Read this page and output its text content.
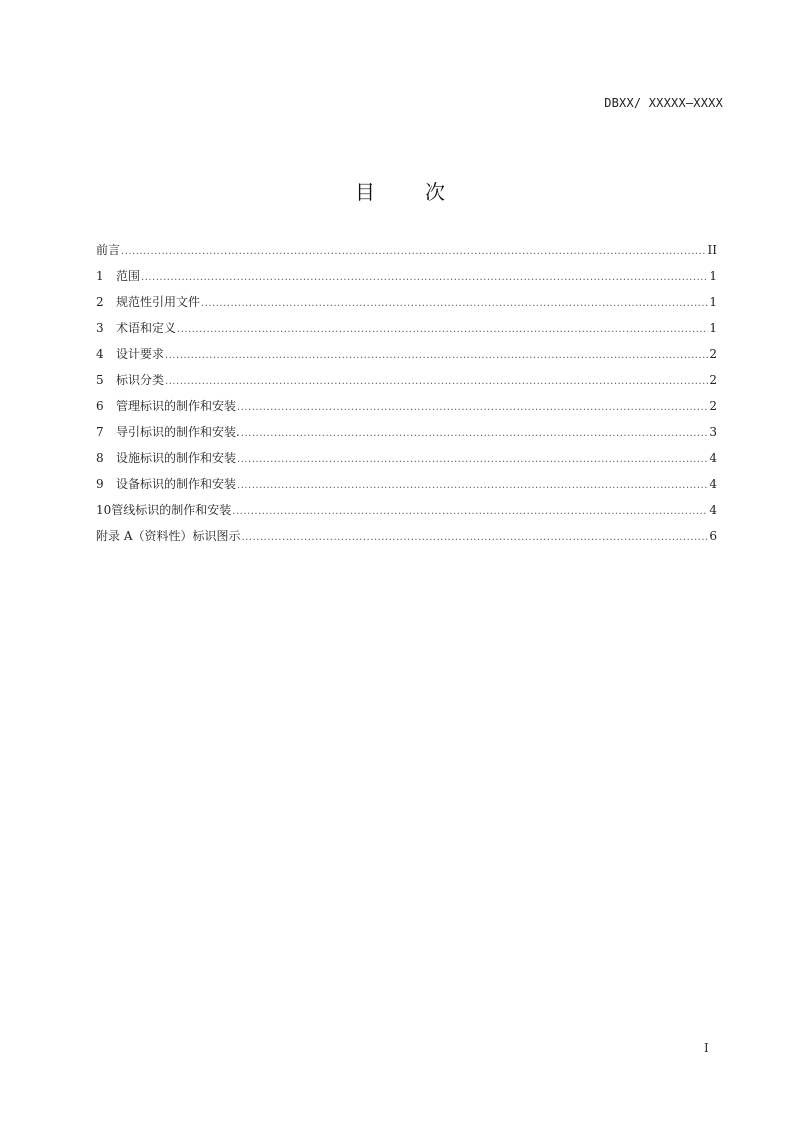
DBXX/ XXXXX—XXXX
目	次
前言 .....	II
1	范围 .....	1
2	规范性引用文件 .....	1
3	术语和定义 .....	1
4	设计要求 .....	2
5	标识分类 .....	2
6	管理标识的制作和安装 .....	2
7	导引标识的制作和安装. .....	3
8	设施标识的制作和安装 .....	4
9	设备标识的制作和安装 .....	4
10 管线标识的制作和安装 .....	4
附录 A（资料性）标识图示 .....	6
I
